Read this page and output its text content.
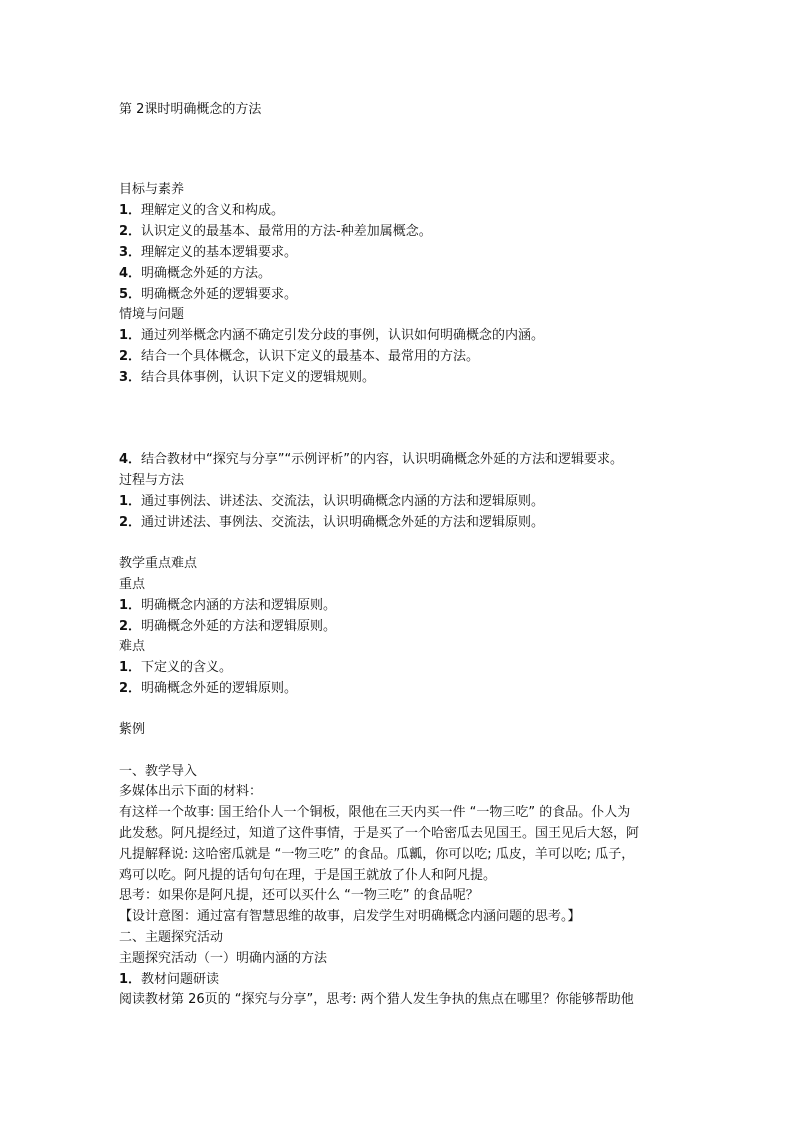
第 2课时明确概念的方法
目标与素养
1．理解定义的含义和构成。
2．认识定义的最基本、最常用的方法-种差加属概念。
3．理解定义的基本逻辑要求。
4．明确概念外延的方法。
5．明确概念外延的逻辑要求。
情境与问题
1．通过列举概念内涵不确定引发分歧的事例，认识如何明确概念的内涵。
2．结合一个具体概念，认识下定义的最基本、最常用的方法。
3．结合具体事例，认识下定义的逻辑规则。
4．结合教材中“探究与分享”“示例评析”的内容，认识明确概念外延的方法和逻辑要求。
过程与方法
1．通过事例法、讲述法、交流法，认识明确概念内涵的方法和逻辑原则。
2．通过讲述法、事例法、交流法，认识明确概念外延的方法和逻辑原则。
教学重点难点
重点
1．明确概念内涵的方法和逻辑原则。
2．明确概念外延的方法和逻辑原则。
难点
1．下定义的含义。
2．明确概念外延的逻辑原则。
紫例
一、教学导入
多媒体出示下面的材料：
有这样一个故事: 国王给仆人一个铜板，限他在三天内买一件 “一物三吃” 的食品。仆人为
此发愁。阿凡提经过，知道了这件事情，于是买了一个哈密瓜去见国王。国王见后大怒，阿
凡提解释说: 这哈密瓜就是 “一物三吃” 的食品。瓜瓤，你可以吃; 瓜皮，羊可以吃; 瓜子，
鸡可以吃。阿凡提的话句句在理，于是国王就放了仆人和阿凡提。
思考：如果你是阿凡提，还可以买什么 “一物三吃” 的食品呢？
【设计意图：通过富有智慧思维的故事，启发学生对明确概念内涵问题的思考。】
二、主题探究活动
主题探究活动（一）明确内涵的方法
1．教材问题研读
阅读教材第 26页的 “探究与分享”，思考: 两个猎人发生争执的焦点在哪里？你能够帮助他
